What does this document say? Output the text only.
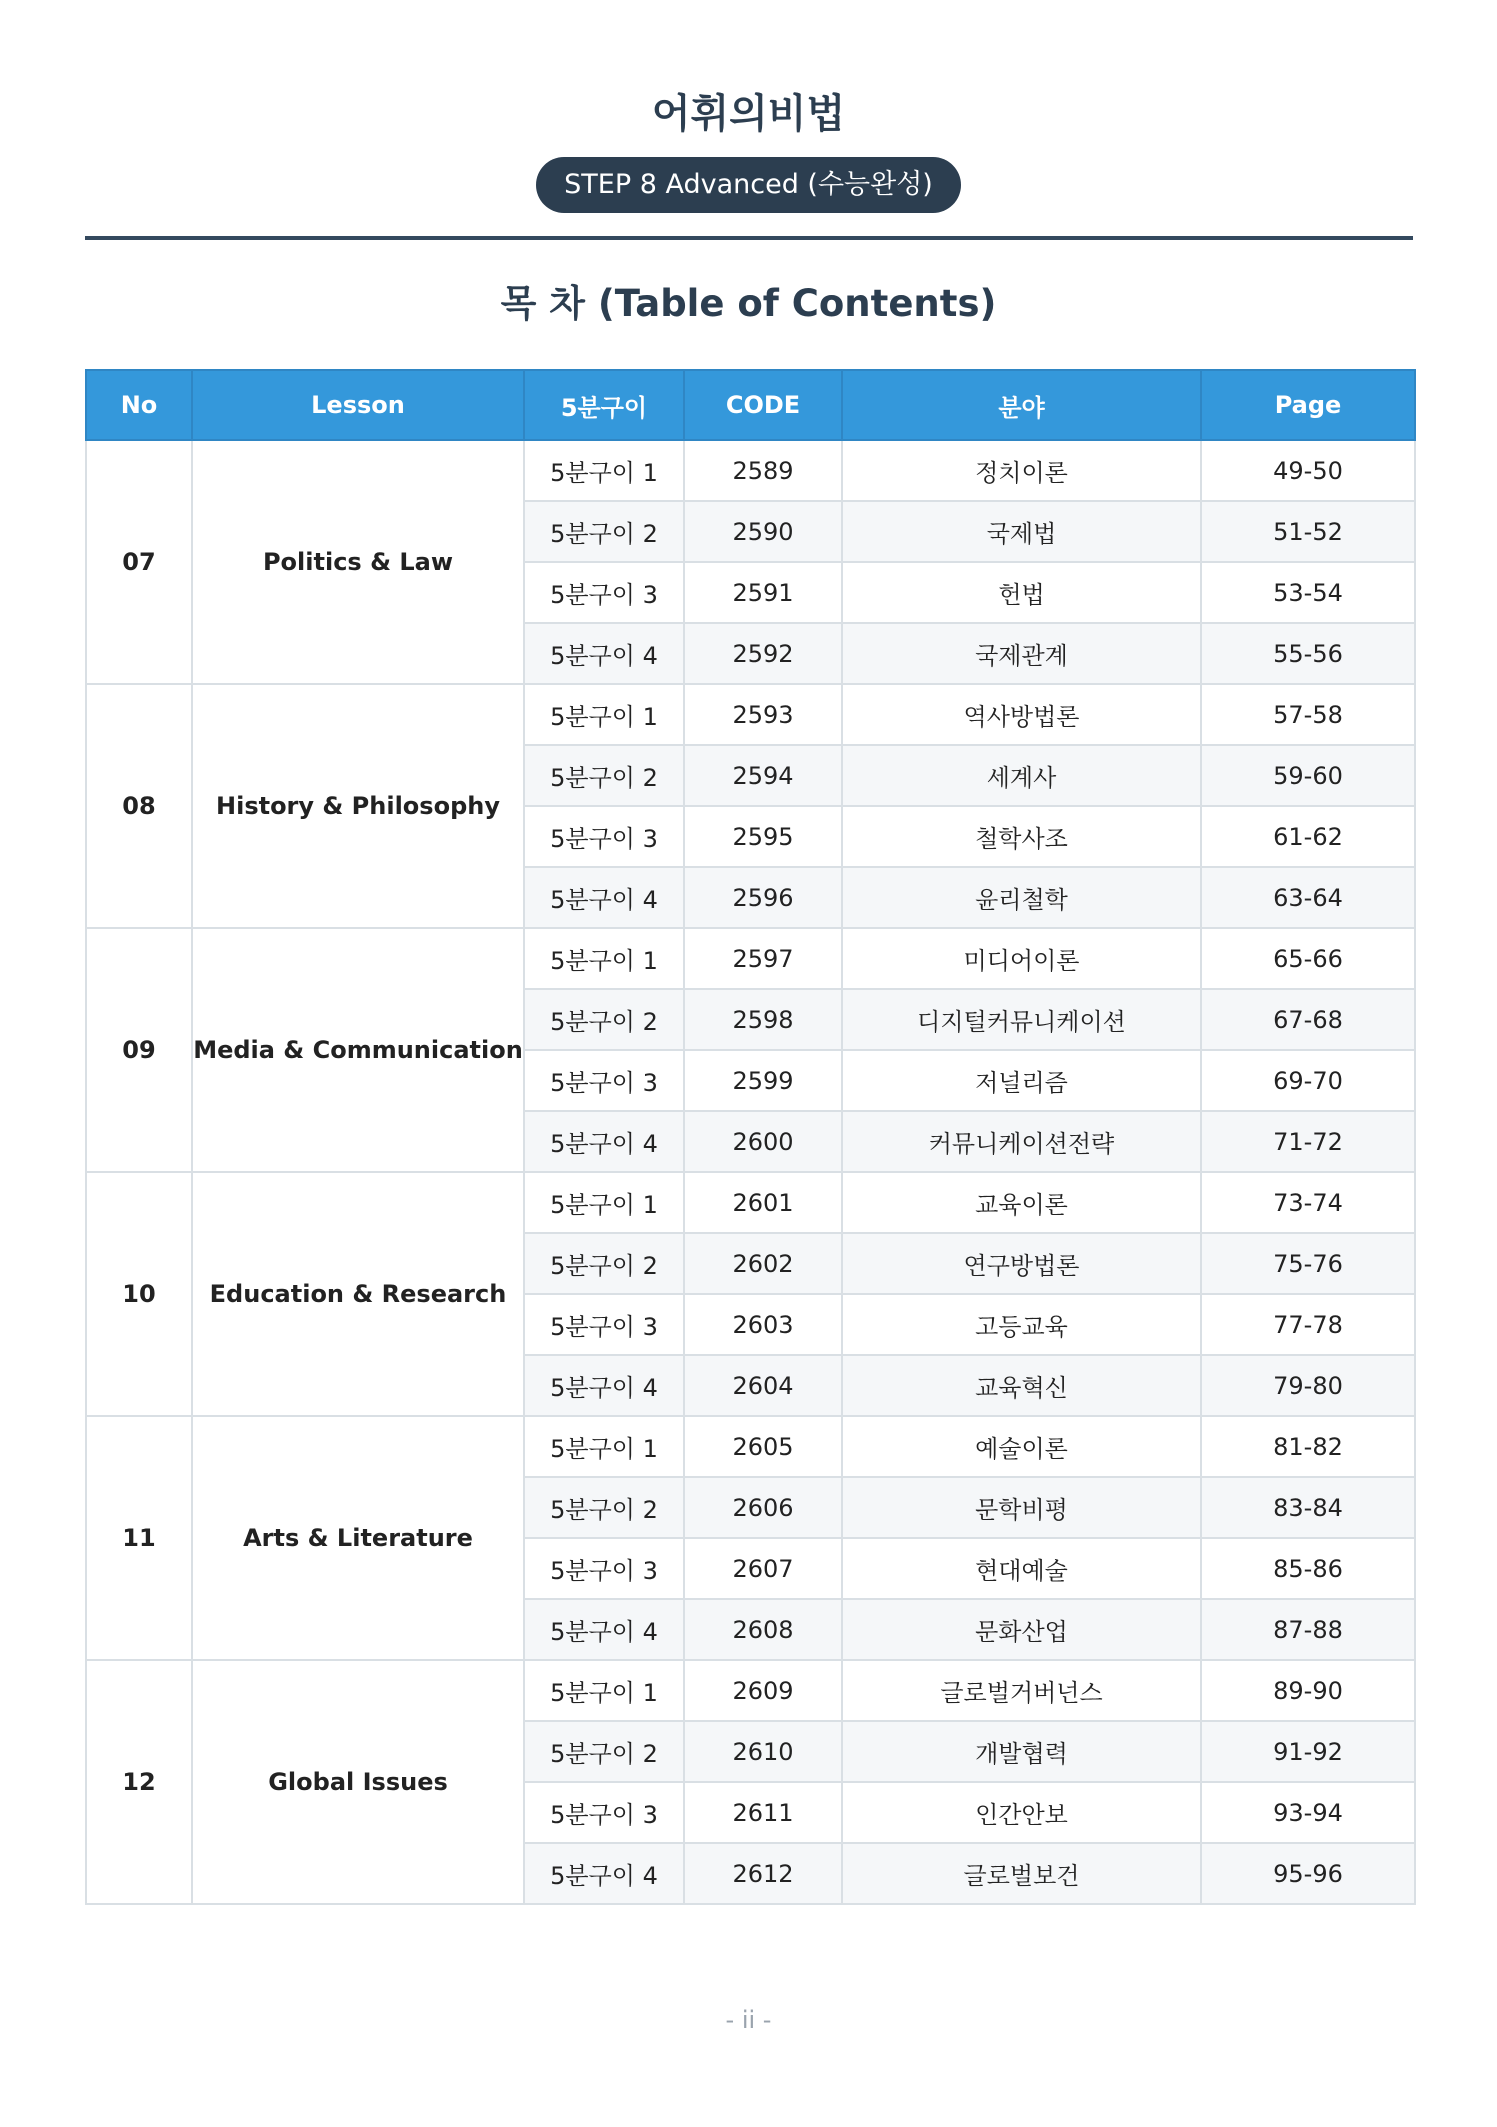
어휘의비법
STEP 8 Advanced (수능완성)
목 차 (Table of Contents)
No	Lesson	5분구이	CODE	분야	Page
07	Politics & Law	5분구이 1	2589	정치이론	49-50
		5분구이 2	2590	국제법	51-52
		5분구이 3	2591	헌법	53-54
		5분구이 4	2592	국제관계	55-56
08	History & Philosophy	5분구이 1	2593	역사방법론	57-58
		5분구이 2	2594	세계사	59-60
		5분구이 3	2595	철학사조	61-62
		5분구이 4	2596	윤리철학	63-64
09	Media & Communication	5분구이 1	2597	미디어이론	65-66
		5분구이 2	2598	디지털커뮤니케이션	67-68
		5분구이 3	2599	저널리즘	69-70
		5분구이 4	2600	커뮤니케이션전략	71-72
10	Education & Research	5분구이 1	2601	교육이론	73-74
		5분구이 2	2602	연구방법론	75-76
		5분구이 3	2603	고등교육	77-78
		5분구이 4	2604	교육혁신	79-80
11	Arts & Literature	5분구이 1	2605	예술이론	81-82
		5분구이 2	2606	문학비평	83-84
		5분구이 3	2607	현대예술	85-86
		5분구이 4	2608	문화산업	87-88
12	Global Issues	5분구이 1	2609	글로벌거버넌스	89-90
		5분구이 2	2610	개발협력	91-92
		5분구이 3	2611	인간안보	93-94
		5분구이 4	2612	글로벌보건	95-96
- ii -
